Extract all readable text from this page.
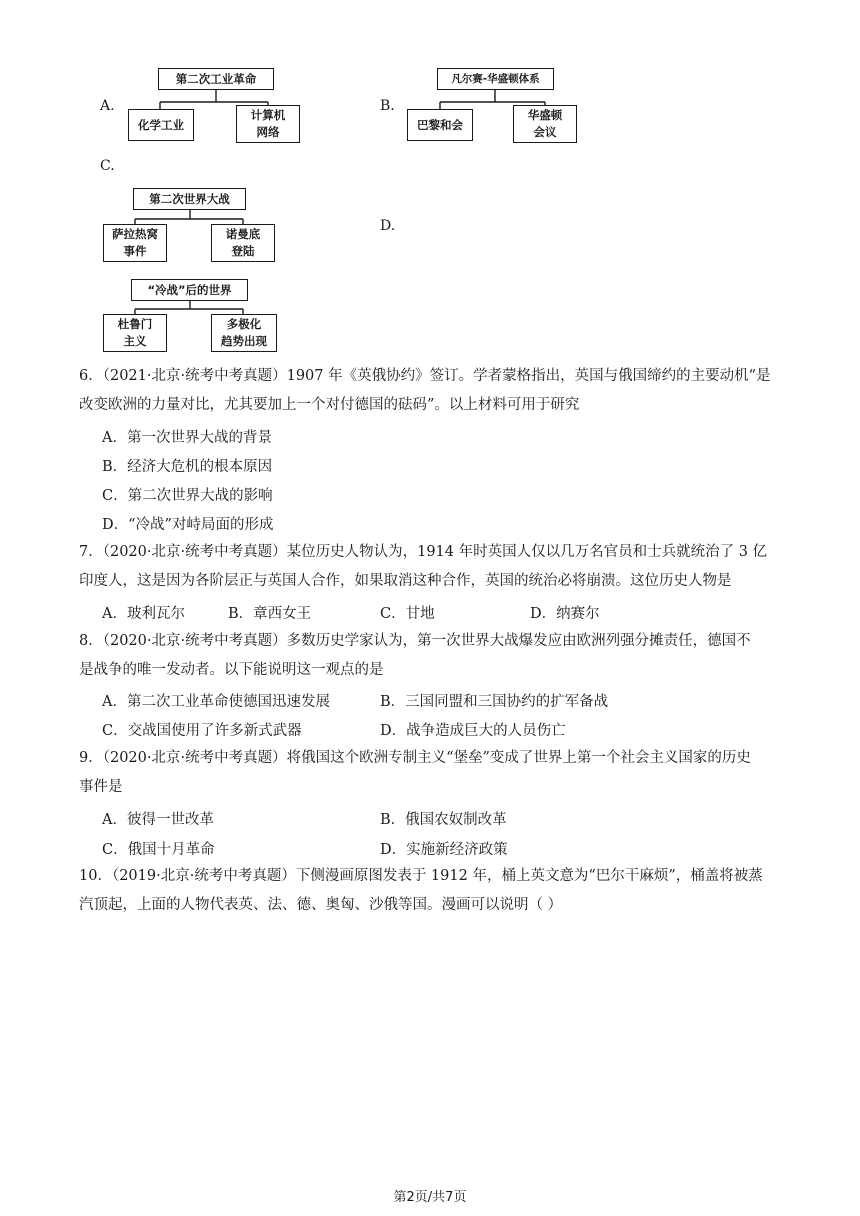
A.
第二次工业革命
化学工业
计算机
网络
B.
凡尔赛-华盛顿体系
巴黎和会
华盛顿
会议
C.
第二次世界大战
萨拉热窝
事件
诺曼底
登陆
D.
“冷战”后的世界
杜鲁门
主义
多极化
趋势出现

6．（2021·北京·统考中考真题）1907 年《英俄协约》签订。学者蒙格指出，英国与俄国缔约的主要动机“是

改变欧洲的力量对比，尤其要加上一个对付德国的砝码”。以上材料可用于研究

A．第一次世界大战的背景
B．经济大危机的根本原因
C．第二次世界大战的影响
D．“冷战”对峙局面的形成

7．（2020·北京·统考中考真题）某位历史人物认为，1914 年时英国人仅以几万名官员和士兵就统治了 3 亿

印度人，这是因为各阶层正与英国人合作，如果取消这种合作，英国的统治必将崩溃。这位历史人物是

A．玻利瓦尔	B．章西女王	C．甘地	D．纳赛尔

8．（2020·北京·统考中考真题）多数历史学家认为，第一次世界大战爆发应由欧洲列强分摊责任，德国不

是战争的唯一发动者。以下能说明这一观点的是

A．第二次工业革命使德国迅速发展	B．三国同盟和三国协约的扩军备战
C．交战国使用了许多新式武器	D．战争造成巨大的人员伤亡

9．（2020·北京·统考中考真题）将俄国这个欧洲专制主义“堡垒”变成了世界上第一个社会主义国家的历史

事件是

A．彼得一世改革	B．俄国农奴制改革
C．俄国十月革命	D．实施新经济政策

10．（2019·北京·统考中考真题）下侧漫画原图发表于 1912 年，桶上英文意为“巴尔干麻烦”，桶盖将被蒸

汽顶起，上面的人物代表英、法、德、奥匈、沙俄等国。漫画可以说明（ ）

第2页/共7页
